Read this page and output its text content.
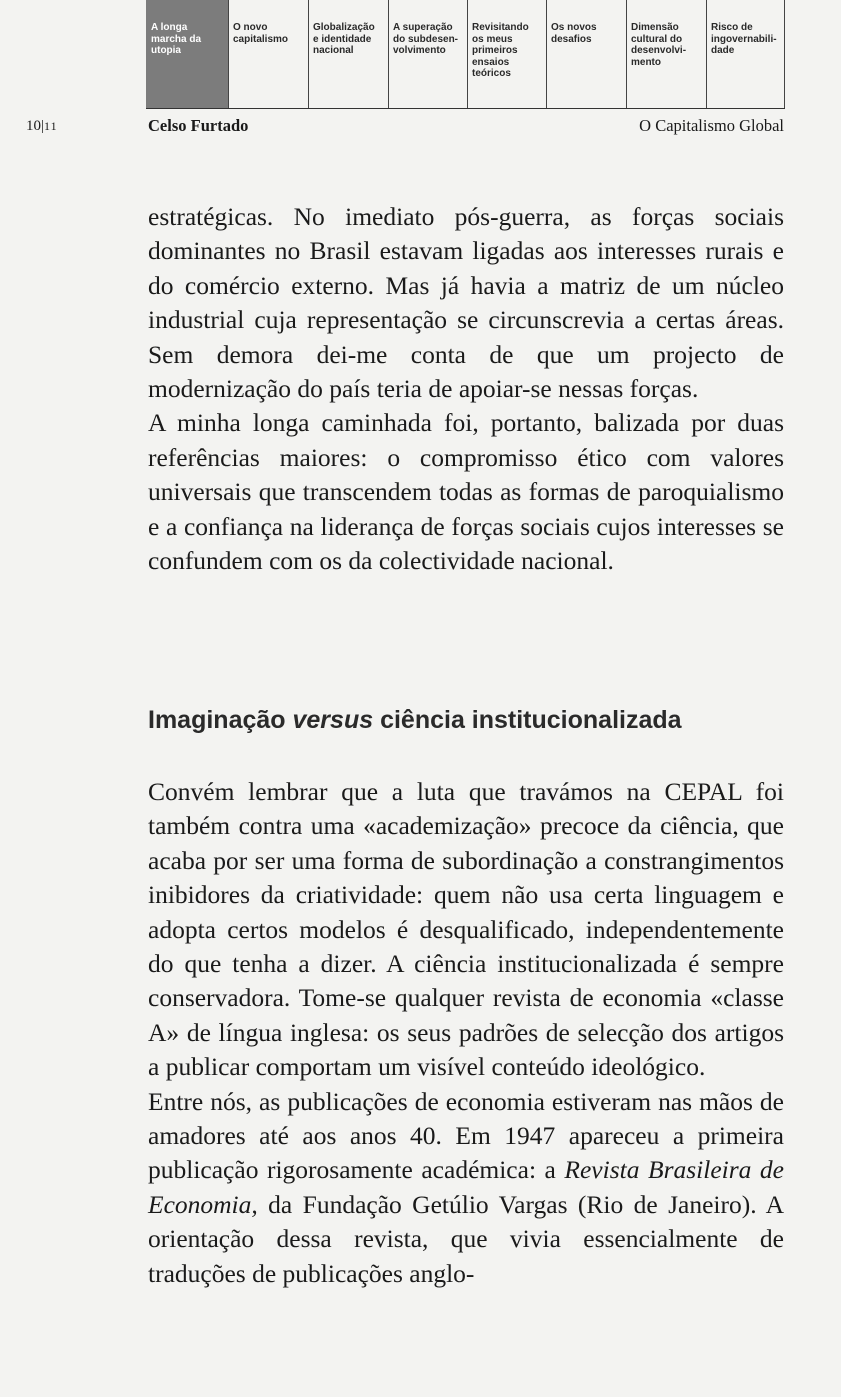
A longa
marcha da
utopia
O novo
capitalismo
Globalização
e identidade
nacional
A superação
do subdesen-
volvimento
Revisitando
os meus
primeiros
ensaios
teóricos
Os novos
desafios
Dimensão
cultural do
desenvolvi-
mento
Risco de
ingovernabili-
dade
10|11	Celso Furtado	O Capitalismo Global

estratégicas. No imediato pós-guerra, as forças sociais dominantes no Brasil estavam ligadas aos interesses rurais e do comércio externo. Mas já havia a matriz de um núcleo industrial cuja representação se circunscrevia a certas áreas. Sem demora dei-me conta de que um projecto de modernização do país teria de apoiar-se nessas forças.

A minha longa caminhada foi, portanto, balizada por duas referências maiores: o compromisso ético com valores universais que transcendem todas as formas de paroquialismo e a confiança na liderança de forças sociais cujos interesses se confundem com os da colectividade nacional.

Imaginação versus ciência institucionalizada

Convém lembrar que a luta que travámos na CEPAL foi também contra uma «academização» precoce da ciência, que acaba por ser uma forma de subordinação a constrangimentos inibidores da criatividade: quem não usa certa linguagem e adopta certos modelos é desqualificado, independentemente do que tenha a dizer. A ciência institucionalizada é sempre conservadora. Tome-se qualquer revista de economia «classe A» de língua inglesa: os seus padrões de selecção dos artigos a publicar comportam um visível conteúdo ideológico.

Entre nós, as publicações de economia estiveram nas mãos de amadores até aos anos 40. Em 1947 apareceu a primeira publicação rigorosamente académica: a Revista Brasileira de Economia, da Fundação Getúlio Vargas (Rio de Janeiro). A orientação dessa revista, que vivia essencialmente de traduções de publicações anglo-
